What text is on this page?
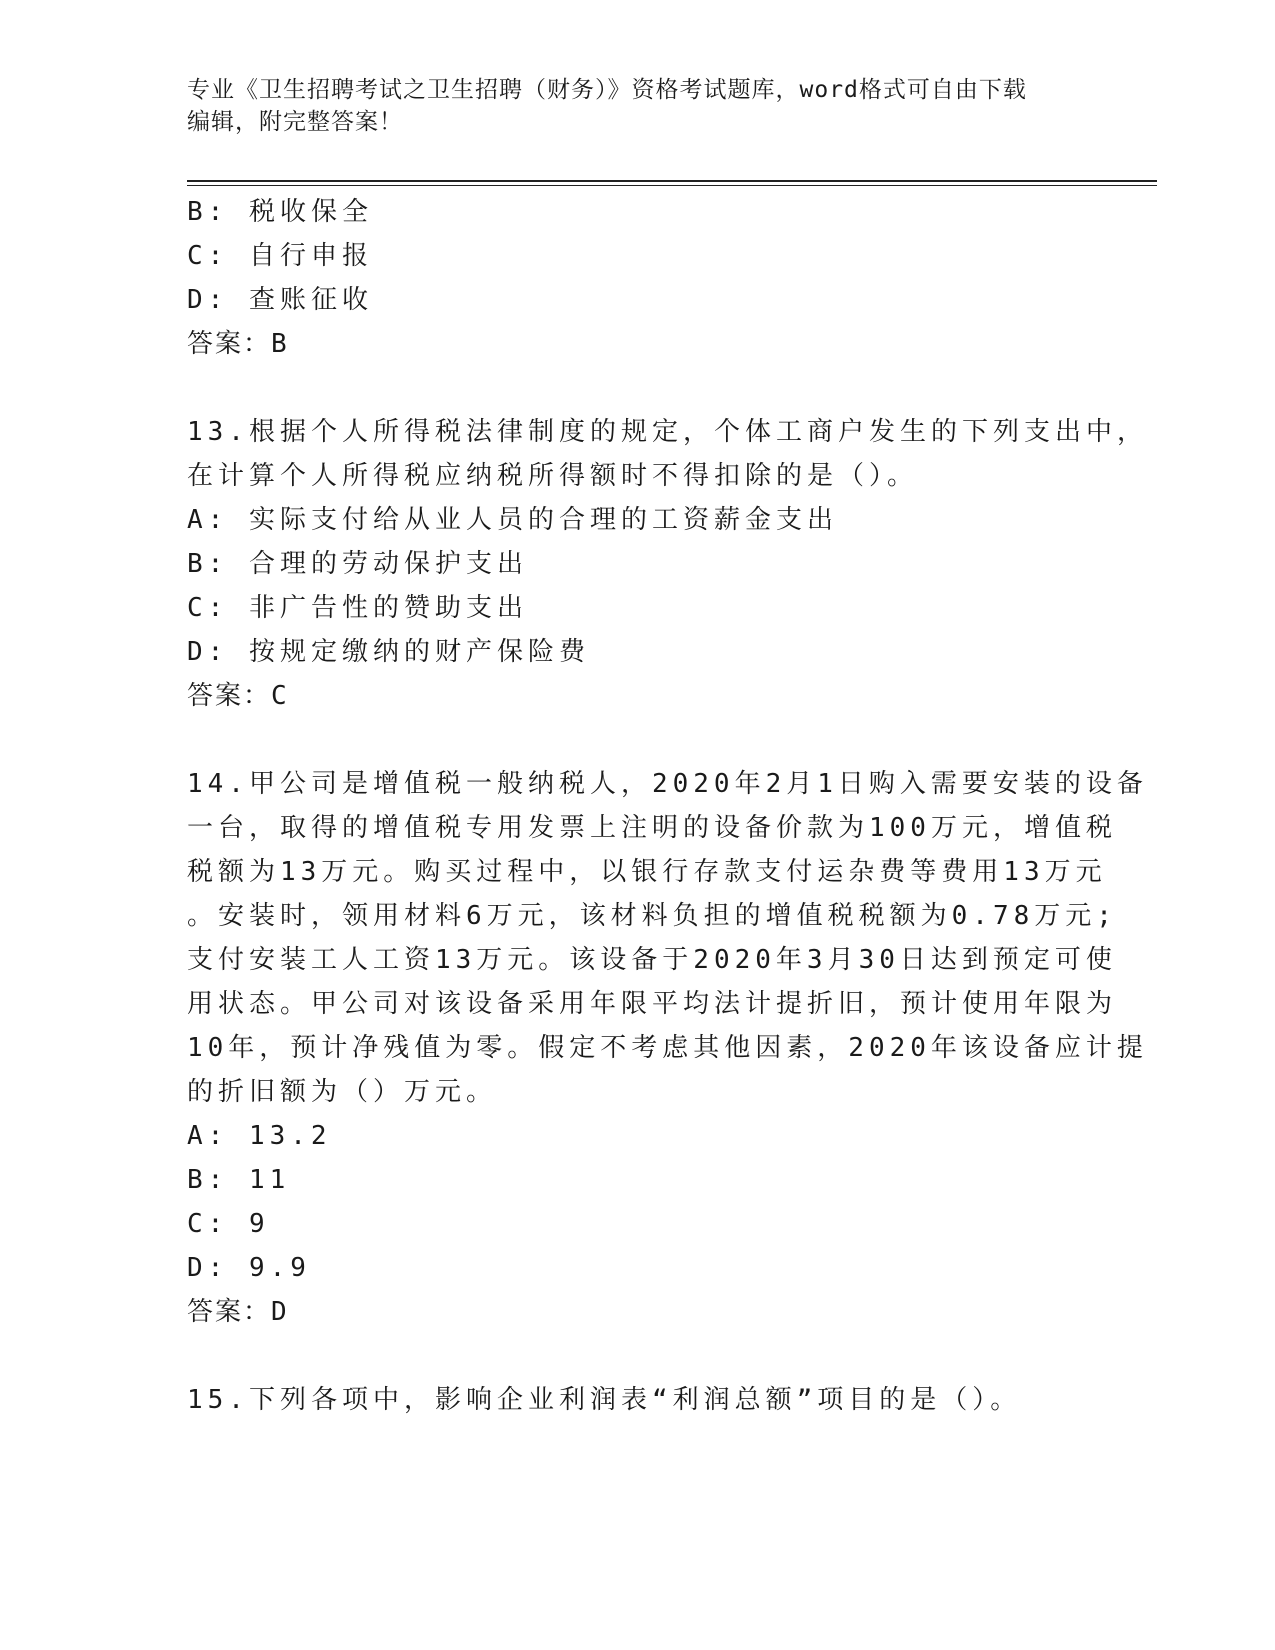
专业《卫生招聘考试之卫生招聘（财务）》资格考试题库，word格式可自由下载
编辑，附完整答案！
B: 税收保全
C: 自行申报
D: 查账征收
答案：B
13.根据个人所得税法律制度的规定，个体工商户发生的下列支出中，
在计算个人所得税应纳税所得额时不得扣除的是（）。
A: 实际支付给从业人员的合理的工资薪金支出
B: 合理的劳动保护支出
C: 非广告性的赞助支出
D: 按规定缴纳的财产保险费
答案：C
14.甲公司是增值税一般纳税人，2020年2月1日购入需要安装的设备
一台，取得的增值税专用发票上注明的设备价款为100万元，增值税
税额为13万元。购买过程中，以银行存款支付运杂费等费用13万元
。安装时，领用材料6万元，该材料负担的增值税税额为0.78万元;
支付安装工人工资13万元。该设备于2020年3月30日达到预定可使
用状态。甲公司对该设备采用年限平均法计提折旧，预计使用年限为
10年，预计净残值为零。假定不考虑其他因素，2020年该设备应计提
的折旧额为（）万元。
A: 13.2
B: 11
C: 9
D: 9.9
答案：D
15.下列各项中，影响企业利润表“利润总额”项目的是（）。
